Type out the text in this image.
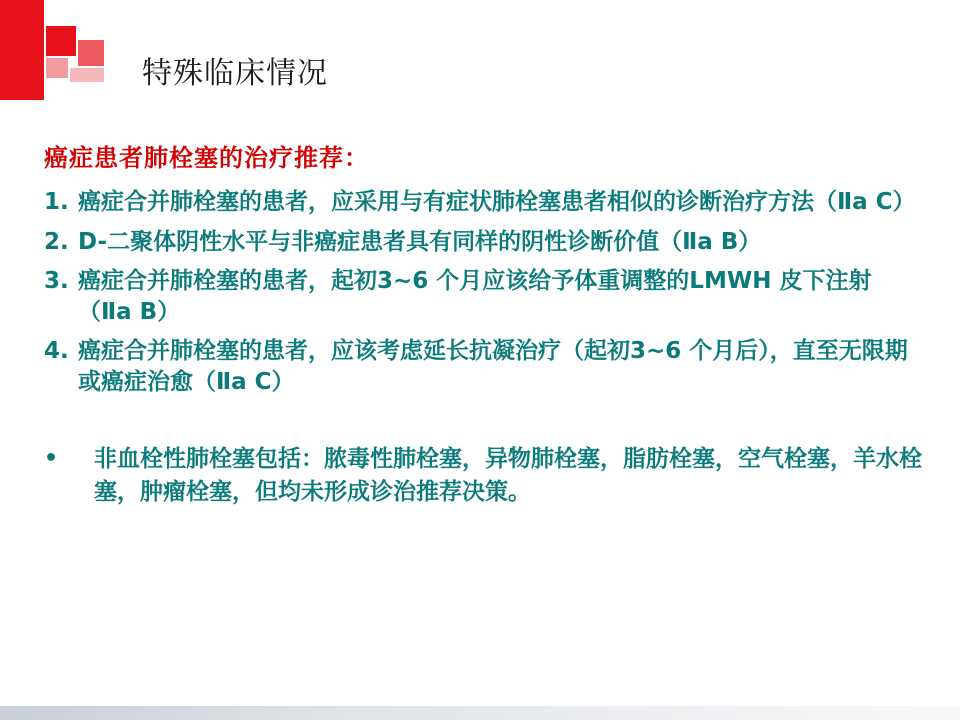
特殊临床情况
癌症患者肺栓塞的治疗推荐：
1. 癌症合并肺栓塞的患者，应采用与有症状肺栓塞患者相似的诊断治疗方法（Ⅱa C）
2. D-二聚体阴性水平与非癌症患者具有同样的阴性诊断价值（Ⅱa B）
3. 癌症合并肺栓塞的患者，起初3~6 个月应该给予体重调整的LMWH 皮下注射（Ⅱa B）
4. 癌症合并肺栓塞的患者，应该考虑延长抗凝治疗（起初3~6 个月后），直至无限期或癌症治愈（Ⅱa C）
•	非血栓性肺栓塞包括：脓毒性肺栓塞，异物肺栓塞，脂肪栓塞，空气栓塞，羊水栓塞，肿瘤栓塞，但均未形成诊治推荐决策。
